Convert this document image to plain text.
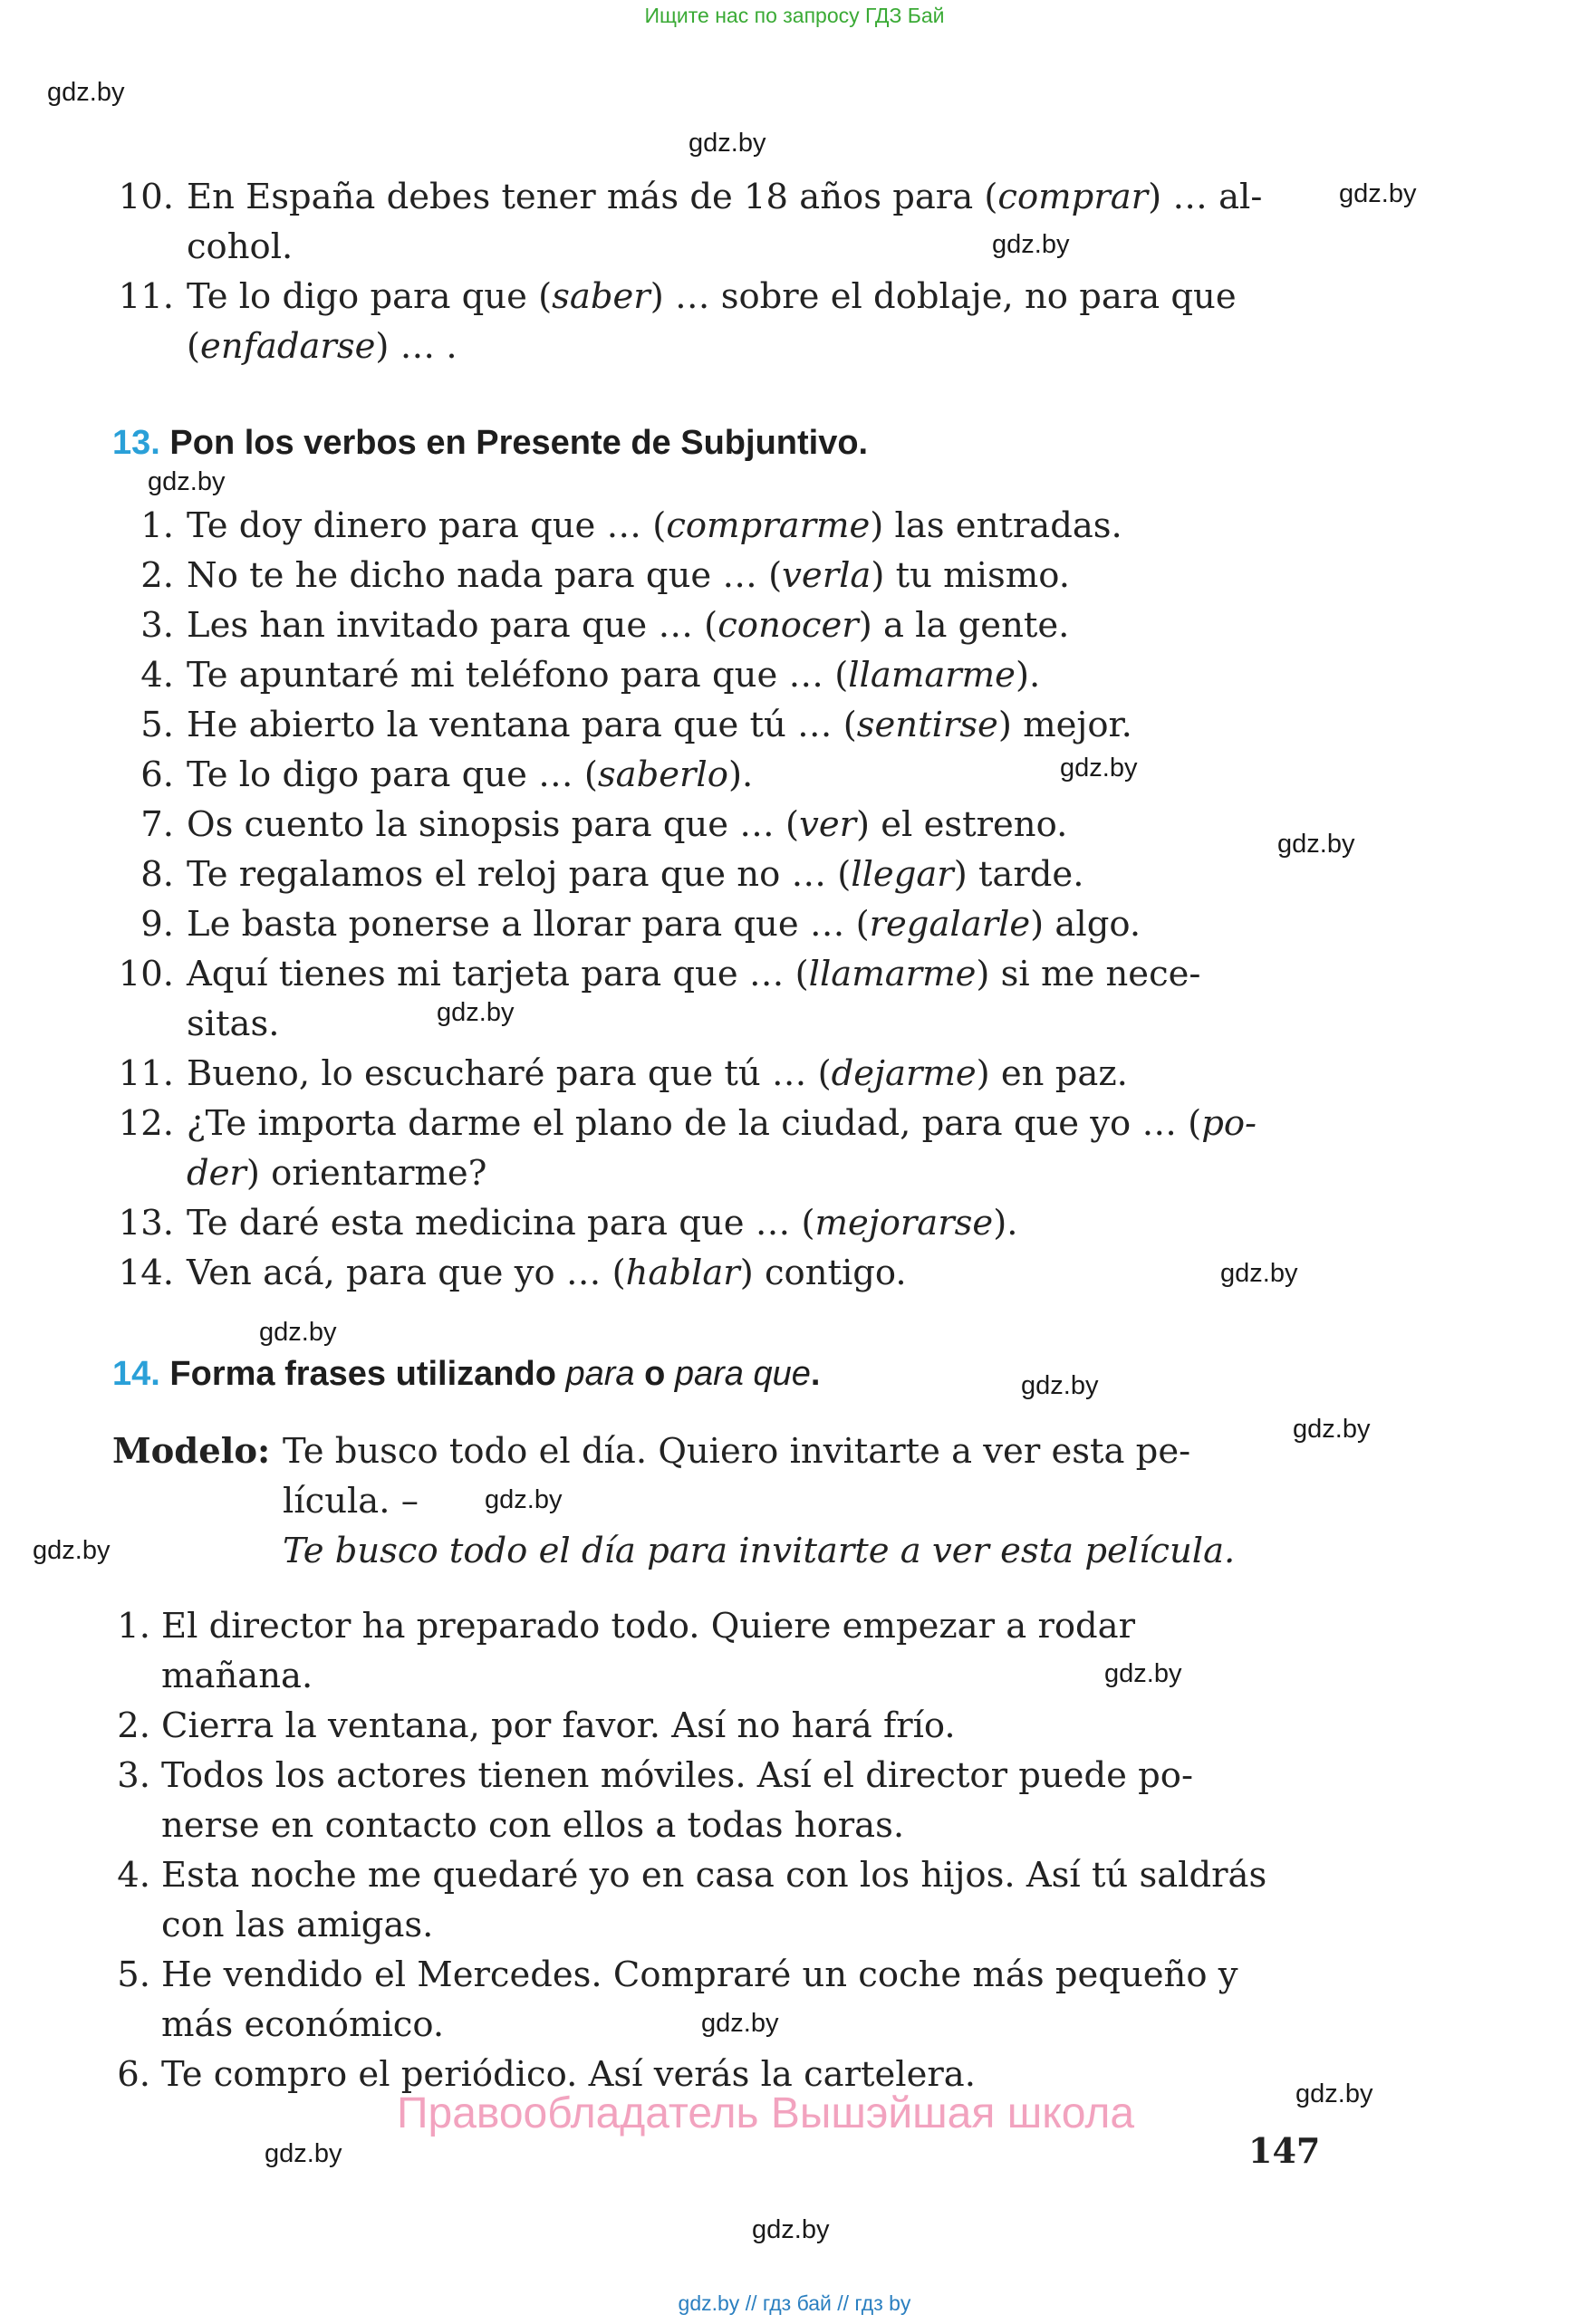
Ищите нас по запросу ГДЗ Бай
gdz.by
gdz.by
gdz.by
gdz.by
gdz.by
gdz.by
gdz.by
gdz.by
gdz.by
gdz.by
gdz.by
gdz.by
gdz.by
gdz.by
gdz.by
gdz.by
gdz.by
gdz.by
gdz.by
10. En España debes tener más de 18 años para (comprar) … al-
cohol.
11. Te lo digo para que (saber) … sobre el doblaje, no para que
(enfadarse) … .
13. Pon los verbos en Presente de Subjuntivo.
1. Te doy dinero para que … (comprarme) las entradas.
2. No te he dicho nada para que … (verla) tu mismo.
3. Les han invitado para que … (conocer) a la gente.
4. Te apuntaré mi teléfono para que … (llamarme).
5. He abierto la ventana para que tú … (sentirse) mejor.
6. Te lo digo para que … (saberlo).
7. Os cuento la sinopsis para que … (ver) el estreno.
8. Te regalamos el reloj para que no … (llegar) tarde.
9. Le basta ponerse a llorar para que … (regalarle) algo.
10. Aquí tienes mi tarjeta para que … (llamarme) si me nece-
sitas.
11. Bueno, lo escucharé para que tú … (dejarme) en paz.
12. ¿Te importa darme el plano de la ciudad, para que yo … (po-
der) orientarme?
13. Te daré esta medicina para que … (mejorarse).
14. Ven acá, para que yo … (hablar) contigo.
14. Forma frases utilizando para o para que.
Modelo: Te busco todo el día. Quiero invitarte a ver esta pe-
lícula. –
Te busco todo el día para invitarte a ver esta película.
1. El director ha preparado todo. Quiere empezar a rodar
mañana.
2. Cierra la ventana, por favor. Así no hará frío.
3. Todos los actores tienen móviles. Así el director puede po-
nerse en contacto con ellos a todas horas.
4. Esta noche me quedaré yo en casa con los hijos. Así tú saldrás
con las amigas.
5. He vendido el Mercedes. Compraré un coche más pequeño y
más económico.
6. Te compro el periódico. Así verás la cartelera.
Правообладатель Вышэйшая школа
147
gdz.by // гдз бай // гдз by
